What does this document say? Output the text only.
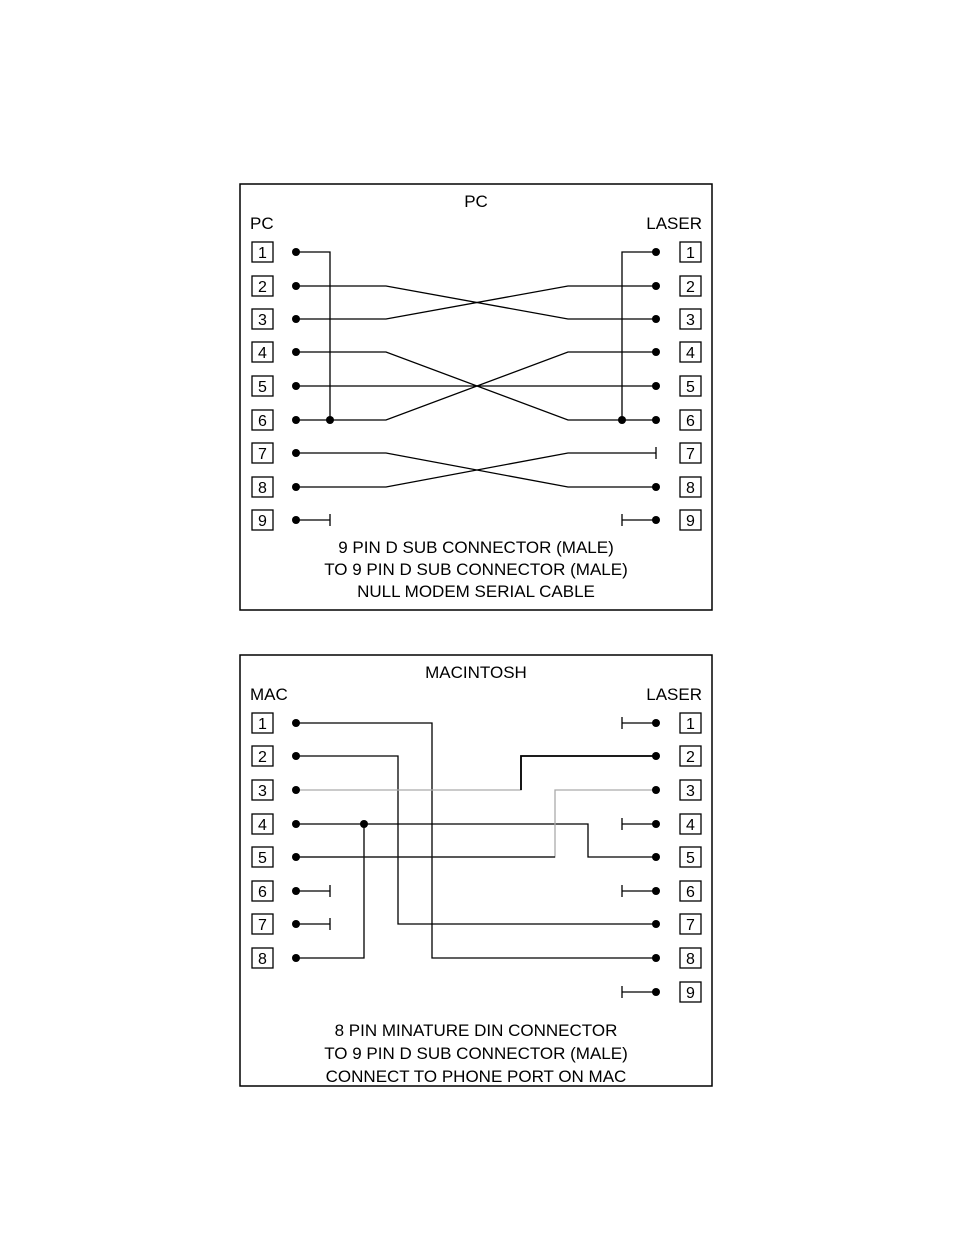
PC
PC	LASER
1
2
3
4
5
6
7
8
9
1
2
3
4
5
6
7
8
9
9 PIN D SUB CONNECTOR (MALE)
TO 9 PIN D SUB CONNECTOR (MALE)
NULL MODEM SERIAL CABLE
MACINTOSH
MAC	LASER
1
2
3
4
5
6
7
8
1
2
3
4
5
6
7
8
9
8 PIN MINATURE DIN CONNECTOR
TO 9 PIN D SUB CONNECTOR (MALE)
CONNECT TO PHONE PORT ON MAC
